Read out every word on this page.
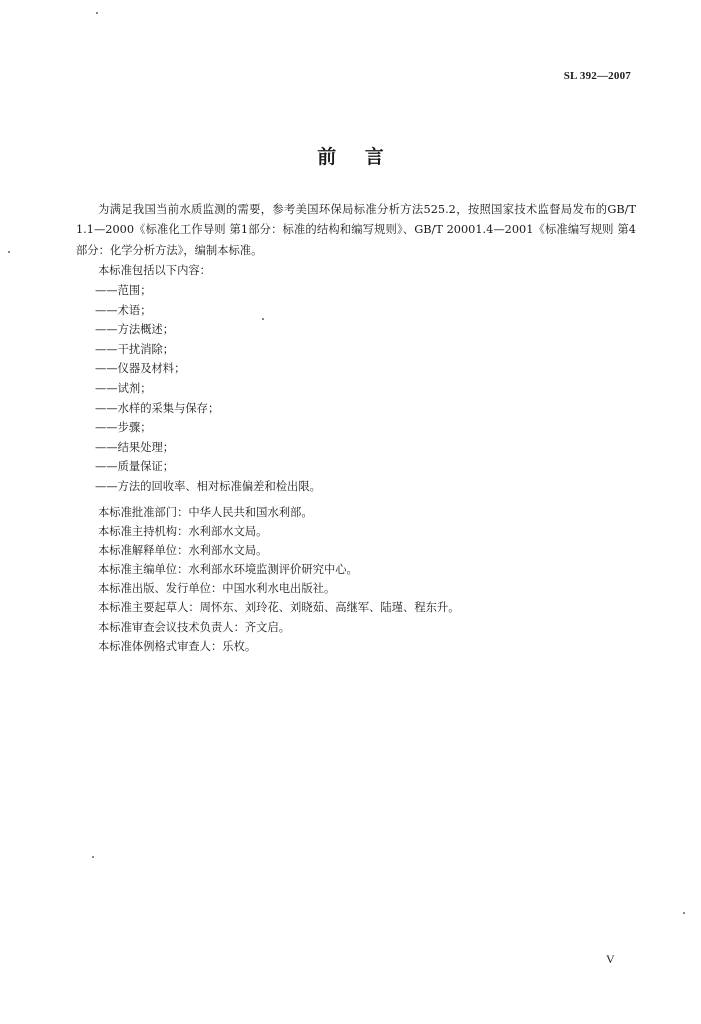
SL 392—2007
前 言

为满足我国当前水质监测的需要，参考美国环保局标准分析方法525.2，按照国家技术监督局发布的GB/T 1.1—2000《标准化工作导则 第1部分：标准的结构和编写规则》、GB/T 20001.4—2001《标准编写规则 第4部分：化学分析方法》，编制本标准。

本标准包括以下内容：
——范围；
——术语；
——方法概述；
——干扰消除；
——仪器及材料；
——试剂；
——水样的采集与保存；
——步骤；
——结果处理；
——质量保证；
——方法的回收率、相对标准偏差和检出限。
本标准批准部门：中华人民共和国水利部。
本标准主持机构：水利部水文局。
本标准解释单位：水利部水文局。
本标准主编单位：水利部水环境监测评价研究中心。
本标准出版、发行单位：中国水利水电出版社。
本标准主要起草人：周怀东、刘玲花、刘晓茹、高继军、陆瑾、程东升。
本标准审查会议技术负责人：齐文启。
本标准体例格式审查人：乐枚。
V
